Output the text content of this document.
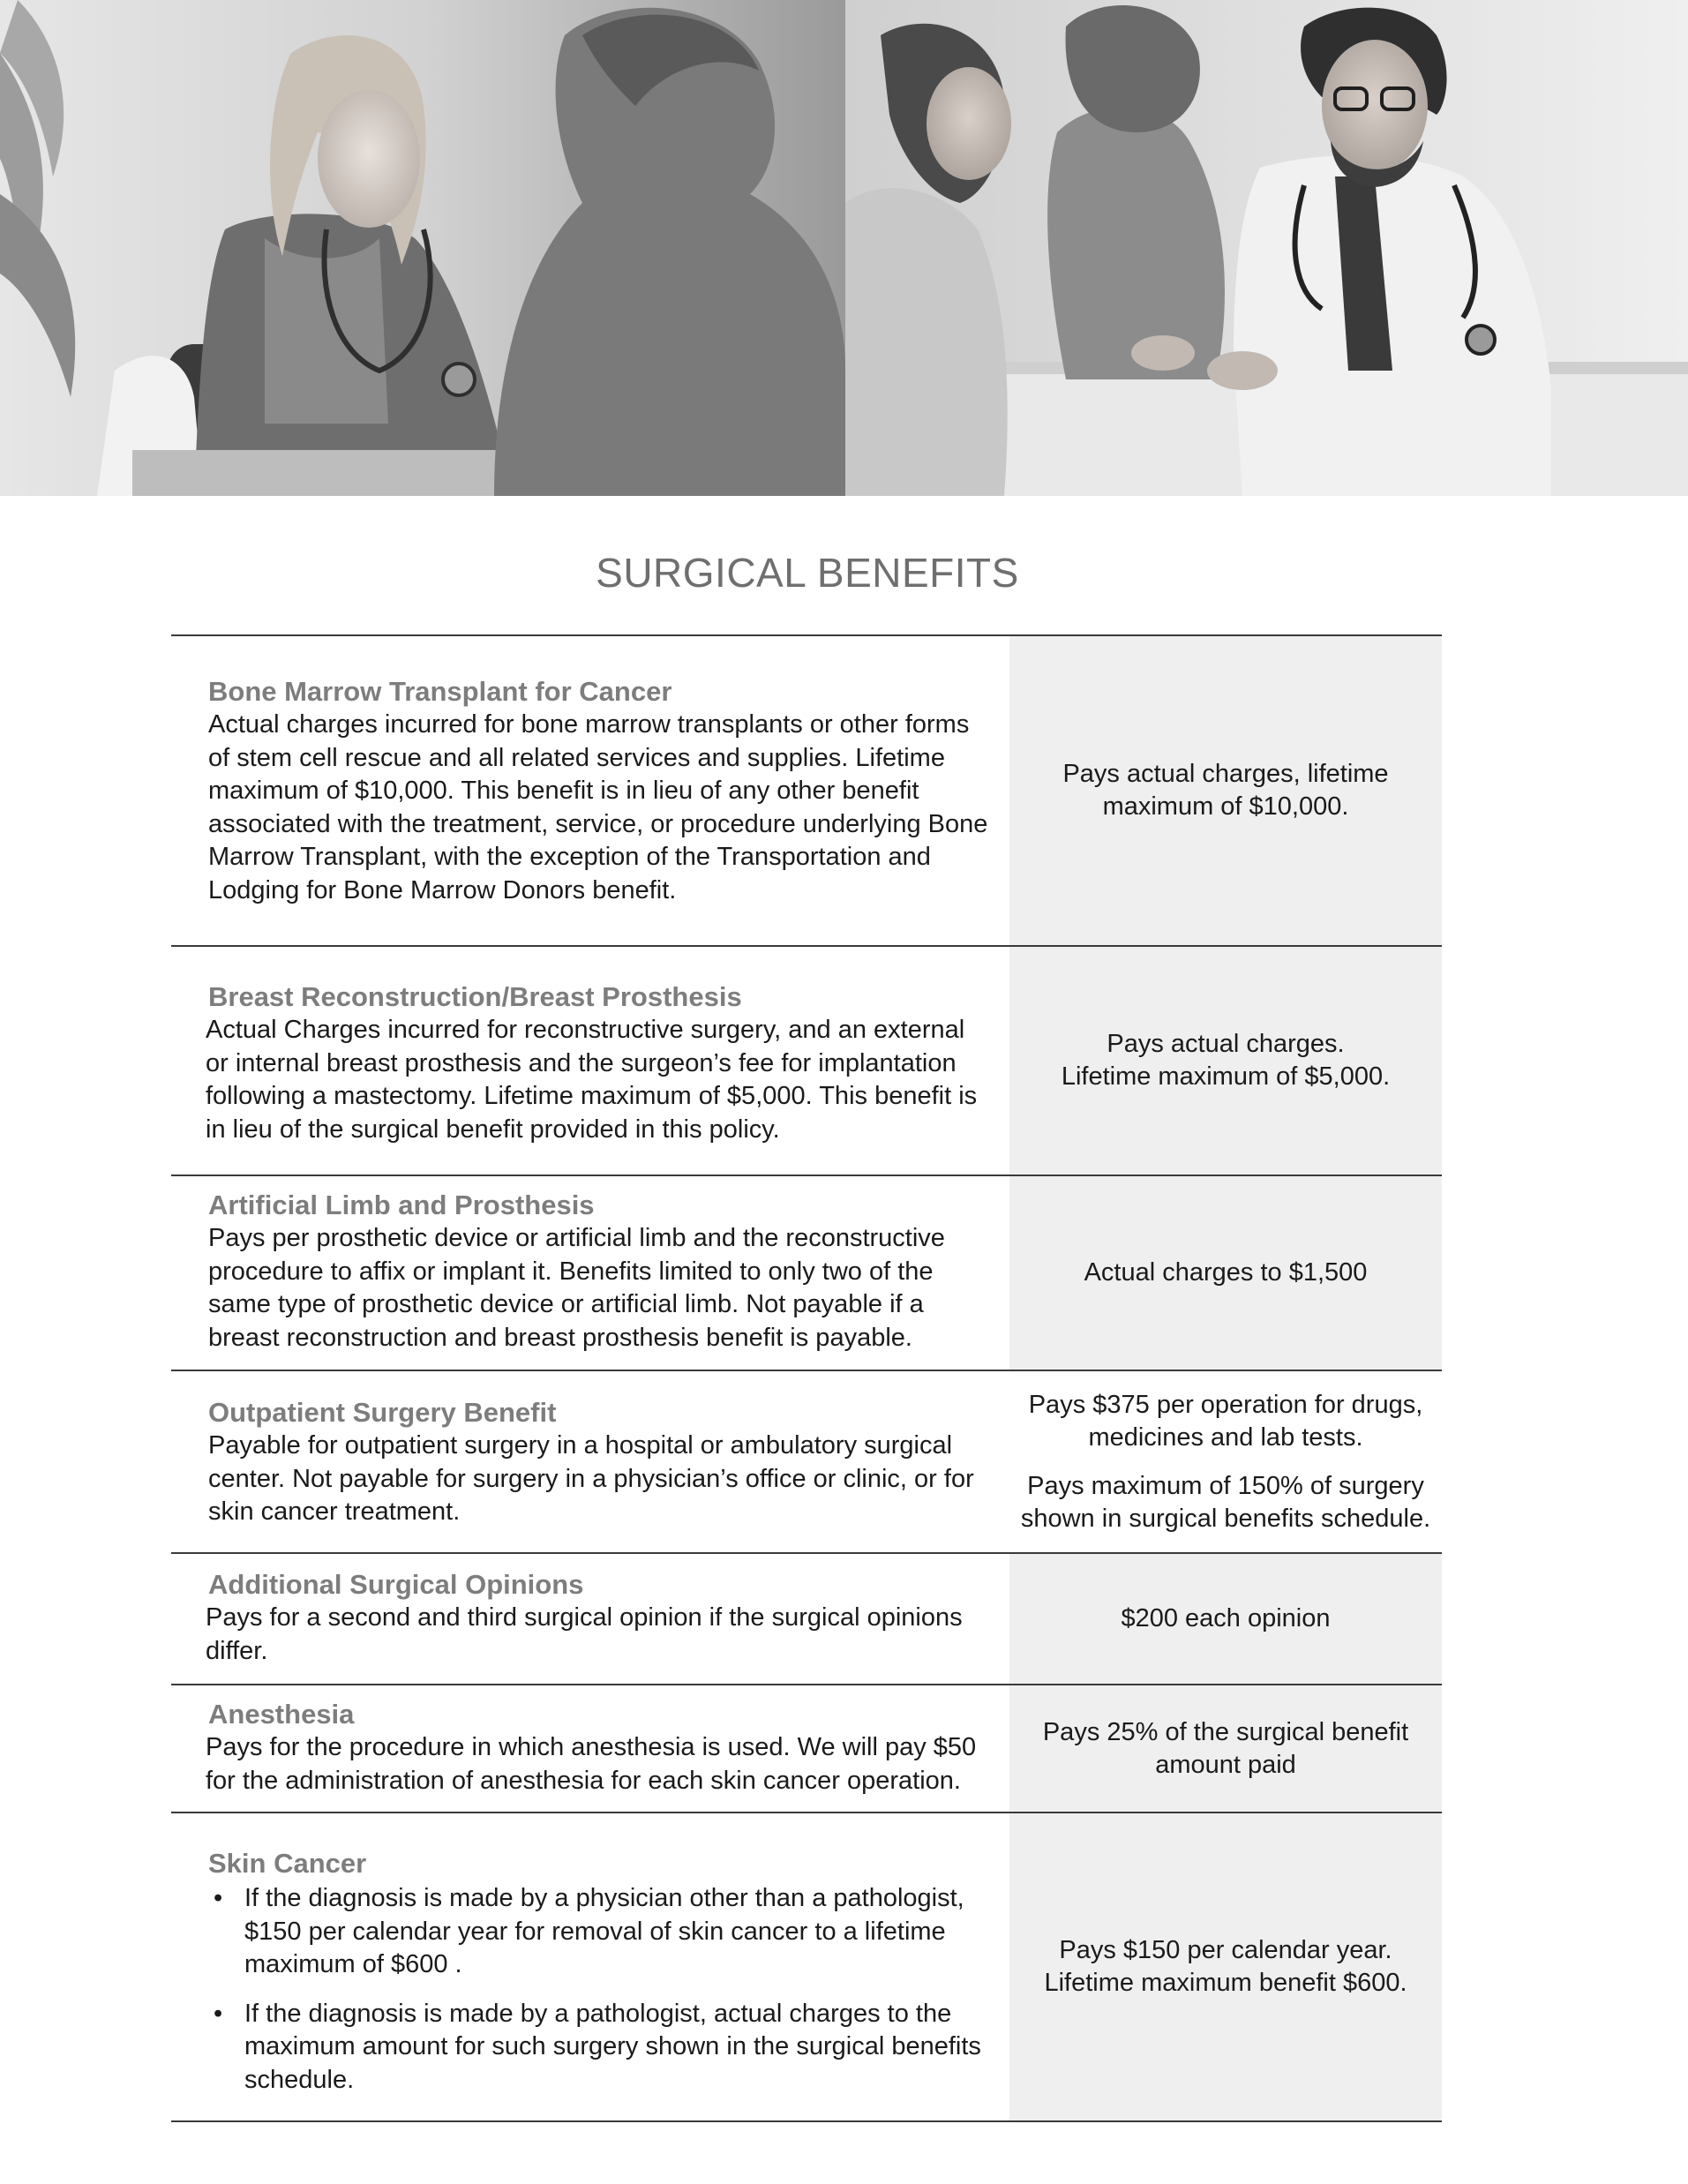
SURGICAL BENEFITS
Bone Marrow Transplant for Cancer
Actual charges incurred for bone marrow transplants or other forms of stem cell rescue and all related services and supplies. Lifetime maximum of $10,000. This benefit is in lieu of any other benefit associated with the treatment, service, or procedure underlying Bone Marrow Transplant, with the exception of the Transportation and Lodging for Bone Marrow Donors benefit.

Pays actual charges, lifetime maximum of $10,000.

Breast Reconstruction/Breast Prosthesis
Actual Charges incurred for reconstructive surgery, and an external or internal breast prosthesis and the surgeon’s fee for implantation following a mastectomy. Lifetime maximum of $5,000. This benefit is in lieu of the surgical benefit provided in this policy.

Pays actual charges.

Lifetime maximum of $5,000.

Artificial Limb and Prosthesis
Pays per prosthetic device or artificial limb and the reconstructive procedure to affix or implant it. Benefits limited to only two of the same type of prosthetic device or artificial limb. Not payable if a breast reconstruction and breast prosthesis benefit is payable.

Actual charges to $1,500

Outpatient Surgery Benefit
Payable for outpatient surgery in a hospital or ambulatory surgical center. Not payable for surgery in a physician’s office or clinic, or for skin cancer treatment.

Pays $375 per operation for drugs, medicines and lab tests.

Pays maximum of 150% of surgery shown in surgical benefits schedule.

Additional Surgical Opinions
Pays for a second and third surgical opinion if the surgical opinions differ.

$200 each opinion

Anesthesia
Pays for the procedure in which anesthesia is used. We will pay $50 for the administration of anesthesia for each skin cancer operation.

Pays 25% of the surgical benefit amount paid

Skin Cancer
• If the diagnosis is made by a physician other than a pathologist, $150 per calendar year for removal of skin cancer to a lifetime maximum of $600 .
• If the diagnosis is made by a pathologist, actual charges to the maximum amount for such surgery shown in the surgical benefits schedule.

Pays $150 per calendar year.

Lifetime maximum benefit $600.
